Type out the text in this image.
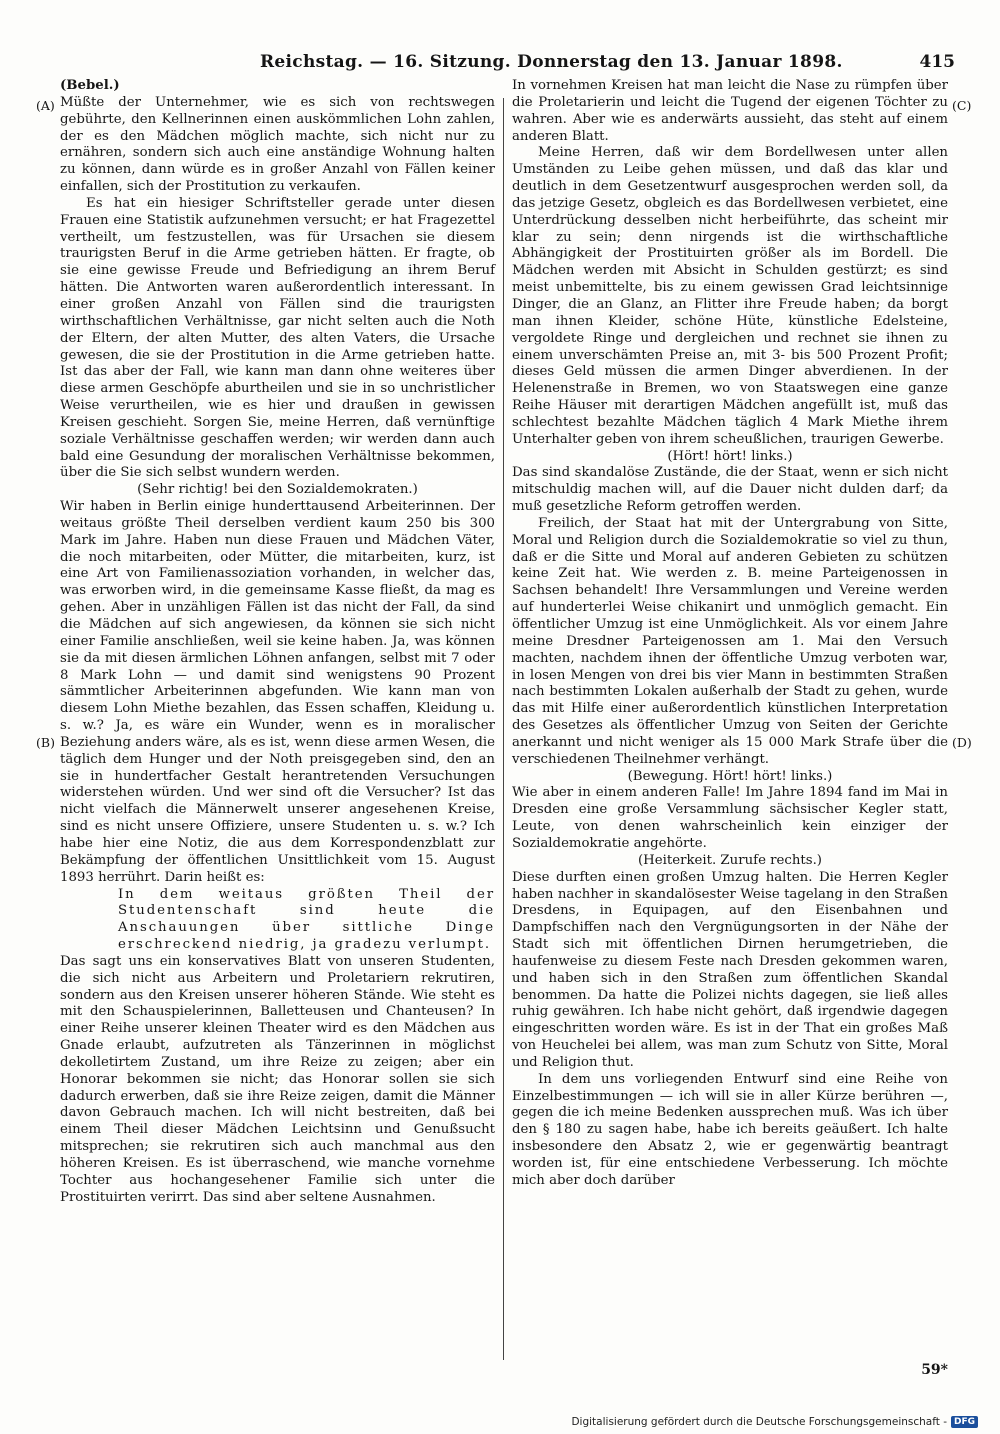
Reichstag. — 16. Sitzung. Donnerstag den 13. Januar 1898.	415
(A)
(B)
(C)
(D)

(Bebel.)

Müßte der Unternehmer, wie es sich von rechtswegen gebührte, den Kellnerinnen einen auskömmlichen Lohn zahlen, der es den Mädchen möglich machte, sich nicht nur zu ernähren, sondern sich auch eine anständige Wohnung halten zu können, dann würde es in großer Anzahl von Fällen keiner einfallen, sich der Prostitution zu verkaufen.

Es hat ein hiesiger Schriftsteller gerade unter diesen Frauen eine Statistik aufzunehmen versucht; er hat Fragezettel vertheilt, um festzustellen, was für Ursachen sie diesem traurigsten Beruf in die Arme getrieben hätten. Er fragte, ob sie eine gewisse Freude und Befriedigung an ihrem Beruf hätten. Die Antworten waren außerordentlich interessant. In einer großen Anzahl von Fällen sind die traurigsten wirthschaftlichen Verhältnisse, gar nicht selten auch die Noth der Eltern, der alten Mutter, des alten Vaters, die Ursache gewesen, die sie der Prostitution in die Arme getrieben hatte. Ist das aber der Fall, wie kann man dann ohne weiteres über diese armen Geschöpfe aburtheilen und sie in so unchristlicher Weise verurtheilen, wie es hier und draußen in gewissen Kreisen geschieht. Sorgen Sie, meine Herren, daß vernünftige soziale Verhältnisse geschaffen werden; wir werden dann auch bald eine Gesundung der moralischen Verhältnisse bekommen, über die Sie sich selbst wundern werden.

(Sehr richtig! bei den Sozialdemokraten.)

Wir haben in Berlin einige hunderttausend Arbeiterinnen. Der weitaus größte Theil derselben verdient kaum 250 bis 300 Mark im Jahre. Haben nun diese Frauen und Mädchen Väter, die noch mitarbeiten, oder Mütter, die mitarbeiten, kurz, ist eine Art von Familienassoziation vorhanden, in welcher das, was erworben wird, in die gemeinsame Kasse fließt, da mag es gehen. Aber in unzähligen Fällen ist das nicht der Fall, da sind die Mädchen auf sich angewiesen, da können sie sich nicht einer Familie anschließen, weil sie keine haben. Ja, was können sie da mit diesen ärmlichen Löhnen anfangen, selbst mit 7 oder 8 Mark Lohn — und damit sind wenigstens 90 Prozent sämmtlicher Arbeiterinnen abgefunden. Wie kann man von diesem Lohn Miethe bezahlen, das Essen schaffen, Kleidung u. s. w.? Ja, es wäre ein Wunder, wenn es in moralischer Beziehung anders wäre, als es ist, wenn diese armen Wesen, die täglich dem Hunger und der Noth preisgegeben sind, den an sie in hundertfacher Gestalt herantretenden Versuchungen widerstehen würden. Und wer sind oft die Versucher? Ist das nicht vielfach die Männerwelt unserer angesehenen Kreise, sind es nicht unsere Offiziere, unsere Studenten u. s. w.? Ich habe hier eine Notiz, die aus dem Korrespondenzblatt zur Bekämpfung der öffentlichen Unsittlichkeit vom 15. August 1893 herrührt. Darin heißt es:

In dem weitaus größten Theil der Studentenschaft sind heute die Anschauungen über sittliche Dinge erschreckend niedrig, ja gradezu verlumpt.

Das sagt uns ein konservatives Blatt von unseren Studenten, die sich nicht aus Arbeitern und Proletariern rekrutiren, sondern aus den Kreisen unserer höheren Stände. Wie steht es mit den Schauspielerinnen, Balletteusen und Chanteusen? In einer Reihe unserer kleinen Theater wird es den Mädchen aus Gnade erlaubt, aufzutreten als Tänzerinnen in möglichst dekolletirtem Zustand, um ihre Reize zu zeigen; aber ein Honorar bekommen sie nicht; das Honorar sollen sie sich dadurch erwerben, daß sie ihre Reize zeigen, damit die Männer davon Gebrauch machen. Ich will nicht bestreiten, daß bei einem Theil dieser Mädchen Leichtsinn und Genußsucht mitsprechen; sie rekrutiren sich auch manchmal aus den höheren Kreisen. Es ist überraschend, wie manche vornehme Tochter aus hochangesehener Familie sich unter die Prostituirten verirrt. Das sind aber seltene Ausnahmen.

In vornehmen Kreisen hat man leicht die Nase zu rümpfen über die Proletarierin und leicht die Tugend der eigenen Töchter zu wahren. Aber wie es anderwärts aussieht, das steht auf einem anderen Blatt.

Meine Herren, daß wir dem Bordellwesen unter allen Umständen zu Leibe gehen müssen, und daß das klar und deutlich in dem Gesetzentwurf ausgesprochen werden soll, da das jetzige Gesetz, obgleich es das Bordellwesen verbietet, eine Unterdrückung desselben nicht herbeiführte, das scheint mir klar zu sein; denn nirgends ist die wirthschaftliche Abhängigkeit der Prostituirten größer als im Bordell. Die Mädchen werden mit Absicht in Schulden gestürzt; es sind meist unbemittelte, bis zu einem gewissen Grad leichtsinnige Dinger, die an Glanz, an Flitter ihre Freude haben; da borgt man ihnen Kleider, schöne Hüte, künstliche Edelsteine, vergoldete Ringe und dergleichen und rechnet sie ihnen zu einem unverschämten Preise an, mit 3- bis 500 Prozent Profit; dieses Geld müssen die armen Dinger abverdienen. In der Helenenstraße in Bremen, wo von Staatswegen eine ganze Reihe Häuser mit derartigen Mädchen angefüllt ist, muß das schlechtest bezahlte Mädchen täglich 4 Mark Miethe ihrem Unterhalter geben von ihrem scheußlichen, traurigen Gewerbe.

(Hört! hört! links.)

Das sind skandalöse Zustände, die der Staat, wenn er sich nicht mitschuldig machen will, auf die Dauer nicht dulden darf; da muß gesetzliche Reform getroffen werden.

Freilich, der Staat hat mit der Untergrabung von Sitte, Moral und Religion durch die Sozialdemokratie so viel zu thun, daß er die Sitte und Moral auf anderen Gebieten zu schützen keine Zeit hat. Wie werden z. B. meine Parteigenossen in Sachsen behandelt! Ihre Versammlungen und Vereine werden auf hunderterlei Weise chikanirt und unmöglich gemacht. Ein öffentlicher Umzug ist eine Unmöglichkeit. Als vor einem Jahre meine Dresdner Parteigenossen am 1. Mai den Versuch machten, nachdem ihnen der öffentliche Umzug verboten war, in losen Mengen von drei bis vier Mann in bestimmten Straßen nach bestimmten Lokalen außerhalb der Stadt zu gehen, wurde das mit Hilfe einer außerordentlich künstlichen Interpretation des Gesetzes als öffentlicher Umzug von Seiten der Gerichte anerkannt und nicht weniger als 15 000 Mark Strafe über die verschiedenen Theilnehmer verhängt.

(Bewegung. Hört! hört! links.)

Wie aber in einem anderen Falle! Im Jahre 1894 fand im Mai in Dresden eine große Versammlung sächsischer Kegler statt, Leute, von denen wahrscheinlich kein einziger der Sozialdemokratie angehörte.

(Heiterkeit. Zurufe rechts.)

Diese durften einen großen Umzug halten. Die Herren Kegler haben nachher in skandalösester Weise tagelang in den Straßen Dresdens, in Equipagen, auf den Eisenbahnen und Dampfschiffen nach den Vergnügungsorten in der Nähe der Stadt sich mit öffentlichen Dirnen herumgetrieben, die haufenweise zu diesem Feste nach Dresden gekommen waren, und haben sich in den Straßen zum öffentlichen Skandal benommen. Da hatte die Polizei nichts dagegen, sie ließ alles ruhig gewähren. Ich habe nicht gehört, daß irgendwie dagegen eingeschritten worden wäre. Es ist in der That ein großes Maß von Heuchelei bei allem, was man zum Schutz von Sitte, Moral und Religion thut.

In dem uns vorliegenden Entwurf sind eine Reihe von Einzelbestimmungen — ich will sie in aller Kürze berühren —, gegen die ich meine Bedenken aussprechen muß. Was ich über den § 180 zu sagen habe, habe ich bereits geäußert. Ich halte insbesondere den Absatz 2, wie er gegenwärtig beantragt worden ist, für eine entschiedene Verbesserung. Ich möchte mich aber doch darüber

59*
Digitalisierung gefördert durch die Deutsche Forschungsgemeinschaft - DFG
